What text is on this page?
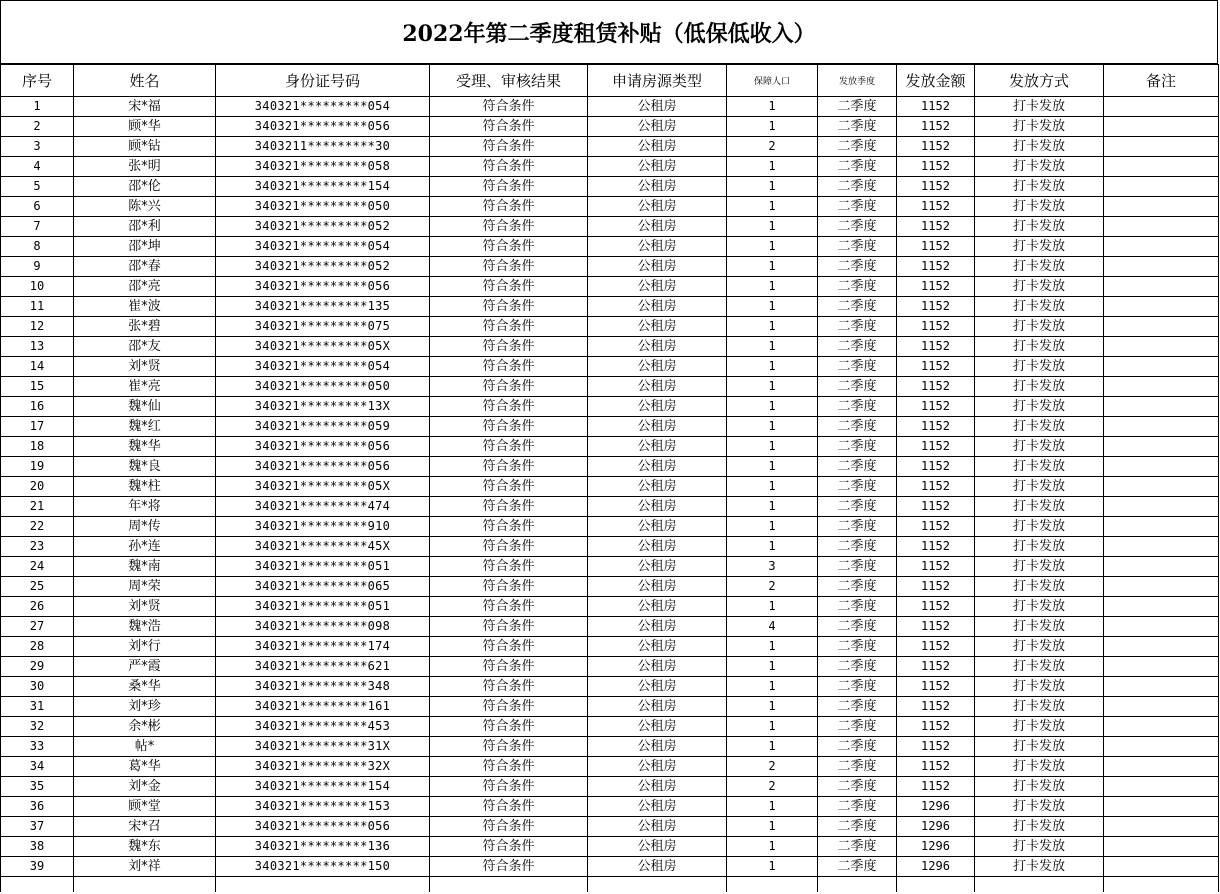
2022年第二季度租赁补贴（低保低收入）
序号	姓名	身份证号码	受理、审核结果	申请房源类型	保障人口	发放季度	发放金额	发放方式	备注
1	宋*福	340321*********054	符合条件	公租房	1	二季度	1152	打卡发放	
2	顾*华	340321*********056	符合条件	公租房	1	二季度	1152	打卡发放	
3	顾*钻	3403211*********30	符合条件	公租房	2	二季度	1152	打卡发放	
4	张*明	340321*********058	符合条件	公租房	1	二季度	1152	打卡发放	
5	邵*伦	340321*********154	符合条件	公租房	1	二季度	1152	打卡发放	
6	陈*兴	340321*********050	符合条件	公租房	1	二季度	1152	打卡发放	
7	邵*利	340321*********052	符合条件	公租房	1	二季度	1152	打卡发放	
8	邵*坤	340321*********054	符合条件	公租房	1	二季度	1152	打卡发放	
9	邵*春	340321*********052	符合条件	公租房	1	二季度	1152	打卡发放	
10	邵*亮	340321*********056	符合条件	公租房	1	二季度	1152	打卡发放	
11	崔*波	340321*********135	符合条件	公租房	1	二季度	1152	打卡发放	
12	张*碧	340321*********075	符合条件	公租房	1	二季度	1152	打卡发放	
13	邵*友	340321*********05X	符合条件	公租房	1	二季度	1152	打卡发放	
14	刘*贤	340321*********054	符合条件	公租房	1	二季度	1152	打卡发放	
15	崔*亮	340321*********050	符合条件	公租房	1	二季度	1152	打卡发放	
16	魏*仙	340321*********13X	符合条件	公租房	1	二季度	1152	打卡发放	
17	魏*红	340321*********059	符合条件	公租房	1	二季度	1152	打卡发放	
18	魏*华	340321*********056	符合条件	公租房	1	二季度	1152	打卡发放	
19	魏*良	340321*********056	符合条件	公租房	1	二季度	1152	打卡发放	
20	魏*柱	340321*********05X	符合条件	公租房	1	二季度	1152	打卡发放	
21	年*将	340321*********474	符合条件	公租房	1	二季度	1152	打卡发放	
22	周*传	340321*********910	符合条件	公租房	1	二季度	1152	打卡发放	
23	孙*连	340321*********45X	符合条件	公租房	1	二季度	1152	打卡发放	
24	魏*南	340321*********051	符合条件	公租房	3	二季度	1152	打卡发放	
25	周*荣	340321*********065	符合条件	公租房	2	二季度	1152	打卡发放	
26	刘*贤	340321*********051	符合条件	公租房	1	二季度	1152	打卡发放	
27	魏*浩	340321*********098	符合条件	公租房	4	二季度	1152	打卡发放	
28	刘*行	340321*********174	符合条件	公租房	1	二季度	1152	打卡发放	
29	严*霞	340321*********621	符合条件	公租房	1	二季度	1152	打卡发放	
30	桑*华	340321*********348	符合条件	公租房	1	二季度	1152	打卡发放	
31	刘*珍	340321*********161	符合条件	公租房	1	二季度	1152	打卡发放	
32	余*彬	340321*********453	符合条件	公租房	1	二季度	1152	打卡发放	
33	帖*	340321*********31X	符合条件	公租房	1	二季度	1152	打卡发放	
34	葛*华	340321*********32X	符合条件	公租房	2	二季度	1152	打卡发放	
35	刘*金	340321*********154	符合条件	公租房	2	二季度	1152	打卡发放	
36	顾*堂	340321*********153	符合条件	公租房	1	二季度	1296	打卡发放	
37	宋*召	340321*********056	符合条件	公租房	1	二季度	1296	打卡发放	
38	魏*东	340321*********136	符合条件	公租房	1	二季度	1296	打卡发放	
39	刘*祥	340321*********150	符合条件	公租房	1	二季度	1296	打卡发放	
